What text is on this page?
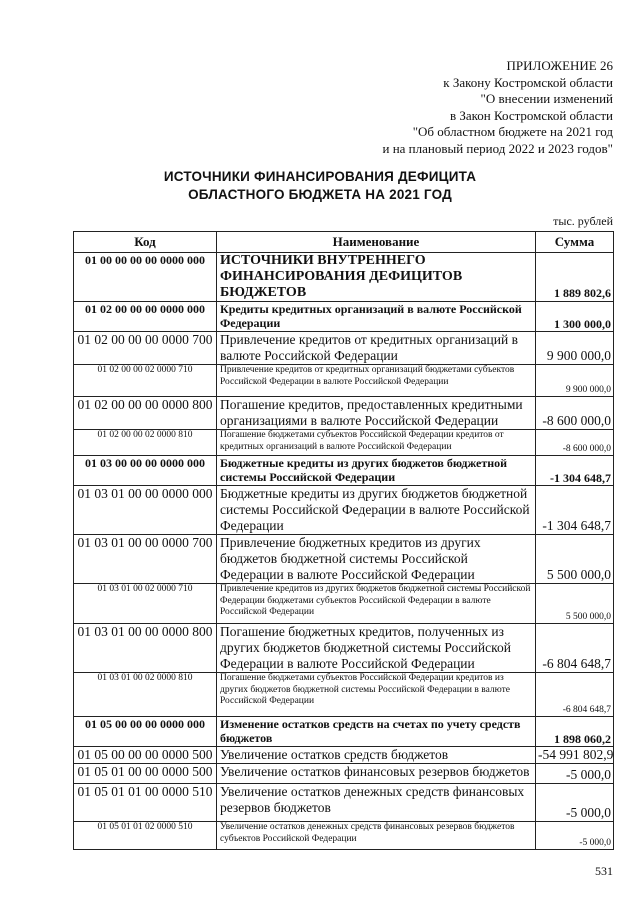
ПРИЛОЖЕНИЕ 26
к Закону Костромской области
"О внесении изменений
в Закон Костромской области
"Об областном бюджете на 2021 год
и на плановый период 2022 и 2023 годов"
ИСТОЧНИКИ ФИНАНСИРОВАНИЯ ДЕФИЦИТА
ОБЛАСТНОГО БЮДЖЕТА НА 2021 ГОД
тыс. рублей
Код	Наименование	Сумма
01 00 00 00 00 0000 000	ИСТОЧНИКИ ВНУТРЕННЕГО ФИНАНСИРОВАНИЯ ДЕФИЦИТОВ БЮДЖЕТОВ	1 889 802,6
01 02 00 00 00 0000 000	Кредиты кредитных организаций в валюте Российской Федерации	1 300 000,0
01 02 00 00 00 0000 700	Привлечение кредитов от кредитных организаций в валюте Российской Федерации	9 900 000,0
01 02 00 00 02 0000 710	Привлечение кредитов от кредитных организаций бюджетами субъектов Российской Федерации в валюте Российской Федерации	9 900 000,0
01 02 00 00 00 0000 800	Погашение кредитов, предоставленных кредитными организациями в валюте Российской Федерации	-8 600 000,0
01 02 00 00 02 0000 810	Погашение бюджетами субъектов Российской Федерации кредитов от кредитных организаций в валюте Российской Федерации	-8 600 000,0
01 03 00 00 00 0000 000	Бюджетные кредиты из других бюджетов бюджетной системы Российской Федерации	-1 304 648,7
01 03 01 00 00 0000 000	Бюджетные кредиты из других бюджетов бюджетной системы Российской Федерации в валюте Российской Федерации	-1 304 648,7
01 03 01 00 00 0000 700	Привлечение бюджетных кредитов из других бюджетов бюджетной системы Российской Федерации в валюте Российской Федерации	5 500 000,0
01 03 01 00 02 0000 710	Привлечение кредитов из других бюджетов бюджетной системы Российской Федерации бюджетами субъектов Российской Федерации в валюте Российской Федерации	5 500 000,0
01 03 01 00 00 0000 800	Погашение бюджетных кредитов, полученных из других бюджетов бюджетной системы Российской Федерации в валюте Российской Федерации	-6 804 648,7
01 03 01 00 02 0000 810	Погашение бюджетами субъектов Российской Федерации кредитов из других бюджетов бюджетной системы Российской Федерации в валюте Российской Федерации	-6 804 648,7
01 05 00 00 00 0000 000	Изменение остатков средств на счетах по учету средств бюджетов	1 898 060,2
01 05 00 00 00 0000 500	Увеличение остатков средств бюджетов	-54 991 802,9
01 05 01 00 00 0000 500	Увеличение остатков финансовых резервов бюджетов	-5 000,0
01 05 01 01 00 0000 510	Увеличение остатков денежных средств финансовых резервов бюджетов	-5 000,0
01 05 01 01 02 0000 510	Увеличение остатков денежных средств финансовых резервов бюджетов субъектов Российской Федерации	-5 000,0
531
